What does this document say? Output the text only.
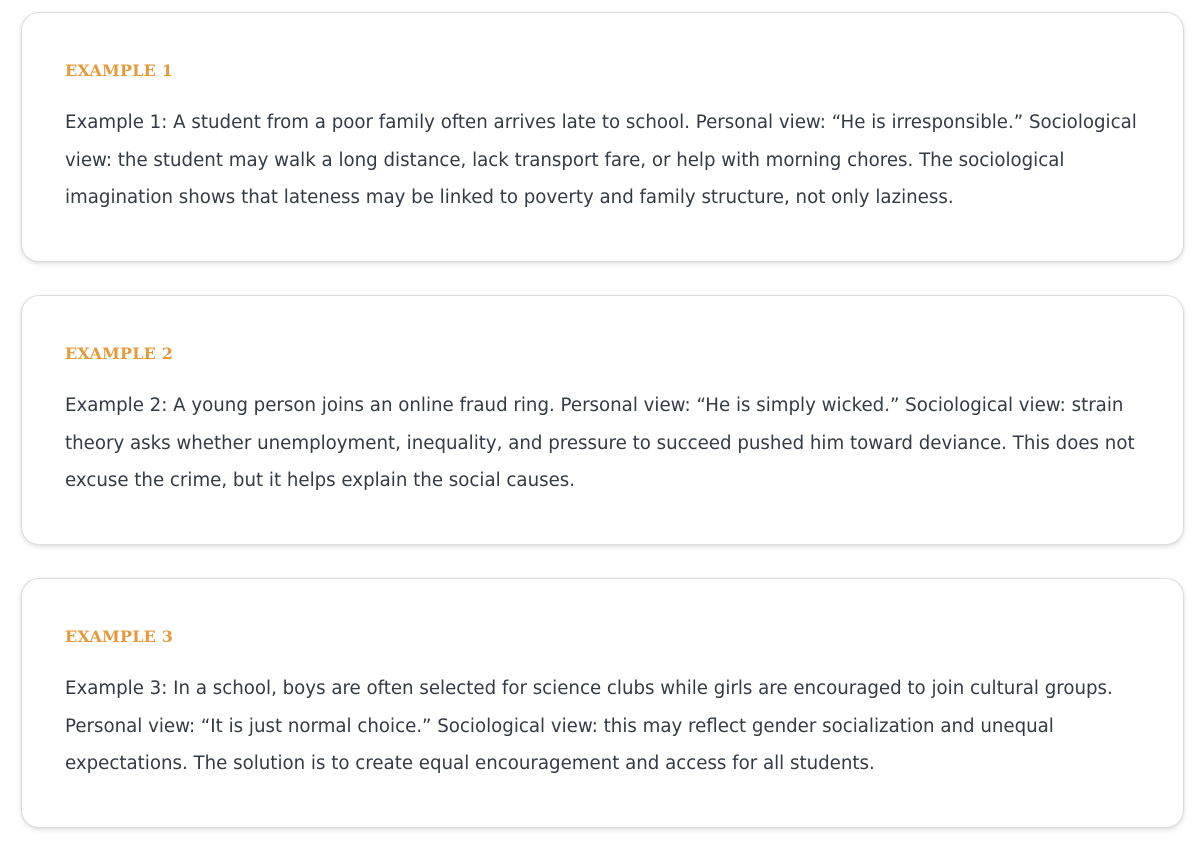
EXAMPLE 1

Example 1: A student from a poor family often arrives late to school. Personal view: “He is irresponsible.” Sociological view: the student may walk a long distance, lack transport fare, or help with morning chores. The sociological imagination shows that lateness may be linked to poverty and family structure, not only laziness.

EXAMPLE 2

Example 2: A young person joins an online fraud ring. Personal view: “He is simply wicked.” Sociological view: strain theory asks whether unemployment, inequality, and pressure to succeed pushed him toward deviance. This does not excuse the crime, but it helps explain the social causes.

EXAMPLE 3

Example 3: In a school, boys are often selected for science clubs while girls are encouraged to join cultural groups. Personal view: “It is just normal choice.” Sociological view: this may reflect gender socialization and unequal expectations. The solution is to create equal encouragement and access for all students.
